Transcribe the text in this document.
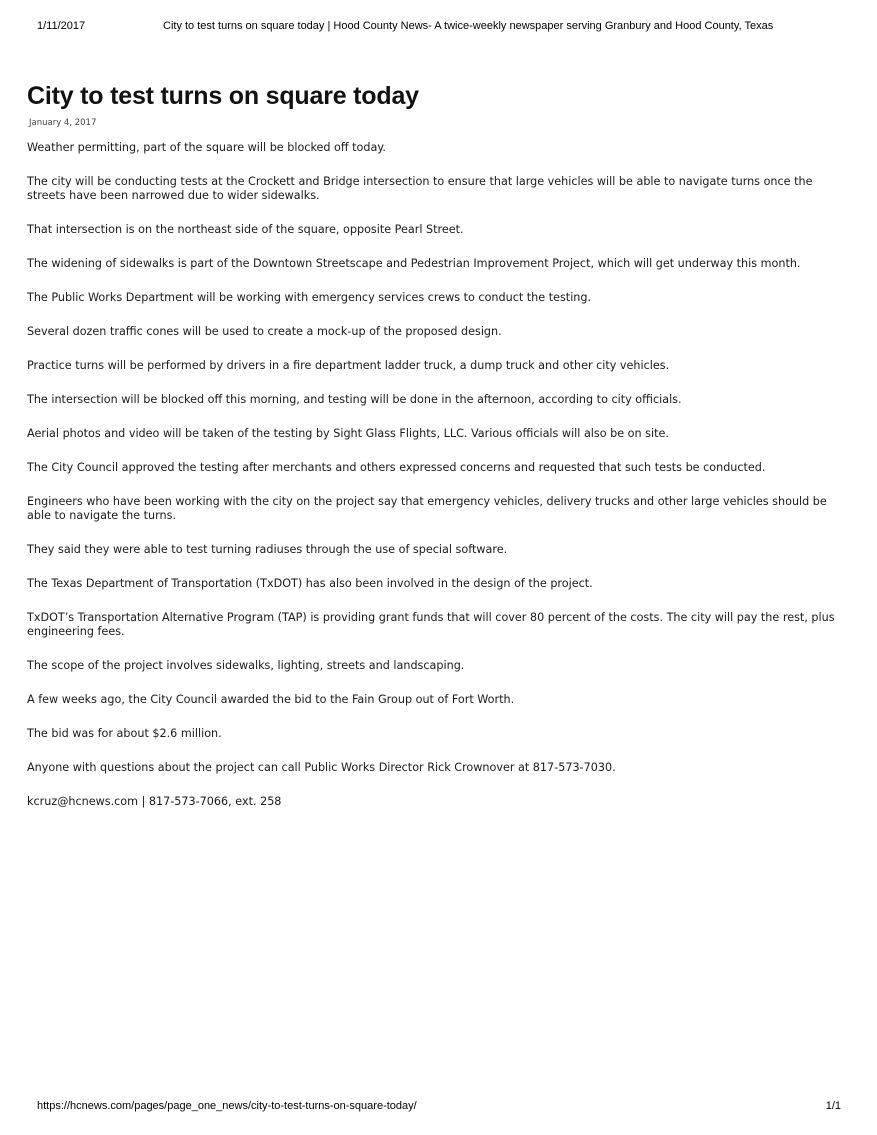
1/11/2017	City to test turns on square today | Hood County News- A twice-weekly newspaper serving Granbury and Hood County, Texas
City to test turns on square today
January 4, 2017

Weather permitting, part of the square will be blocked off today.

The city will be conducting tests at the Crockett and Bridge intersection to ensure that large vehicles will be able to navigate turns once the streets have been narrowed due to wider sidewalks.

That intersection is on the northeast side of the square, opposite Pearl Street.

The widening of sidewalks is part of the Downtown Streetscape and Pedestrian Improvement Project, which will get underway this month.

The Public Works Department will be working with emergency services crews to conduct the testing.

Several dozen traffic cones will be used to create a mock-up of the proposed design.

Practice turns will be performed by drivers in a fire department ladder truck, a dump truck and other city vehicles.

The intersection will be blocked off this morning, and testing will be done in the afternoon, according to city officials.

Aerial photos and video will be taken of the testing by Sight Glass Flights, LLC. Various officials will also be on site.

The City Council approved the testing after merchants and others expressed concerns and requested that such tests be conducted.

Engineers who have been working with the city on the project say that emergency vehicles, delivery trucks and other large vehicles should be able to navigate the turns.

They said they were able to test turning radiuses through the use of special software.

The Texas Department of Transportation (TxDOT) has also been involved in the design of the project.

TxDOT’s Transportation Alternative Program (TAP) is providing grant funds that will cover 80 percent of the costs. The city will pay the rest, plus engineering fees.

The scope of the project involves sidewalks, lighting, streets and landscaping.

A few weeks ago, the City Council awarded the bid to the Fain Group out of Fort Worth.

The bid was for about $2.6 million.

Anyone with questions about the project can call Public Works Director Rick Crownover at 817-573-7030.

kcruz@hcnews.com | 817-573-7066, ext. 258

https://hcnews.com/pages/page_one_news/city-to-test-turns-on-square-today/	1/1
